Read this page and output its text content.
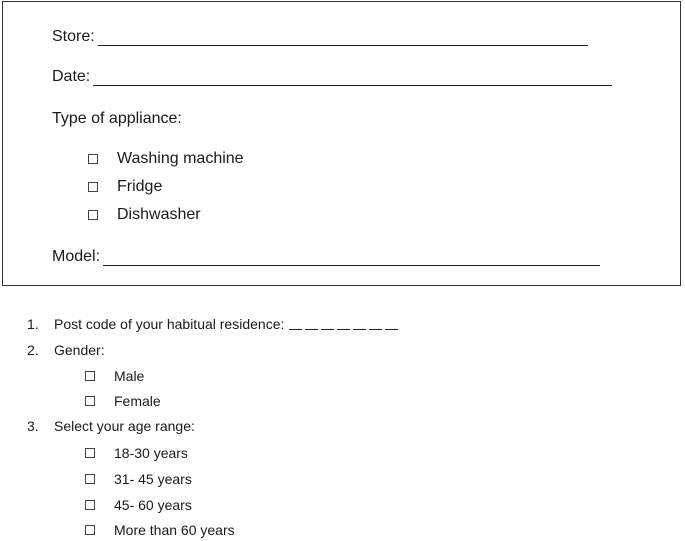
Store:
Date:
Type of appliance:
Washing machine
Fridge
Dishwasher
Model:
1.	Post code of your habitual residence:
2.	Gender:
Male
Female
3.	Select your age range:
18-30 years
31- 45 years
45- 60 years
More than 60 years
